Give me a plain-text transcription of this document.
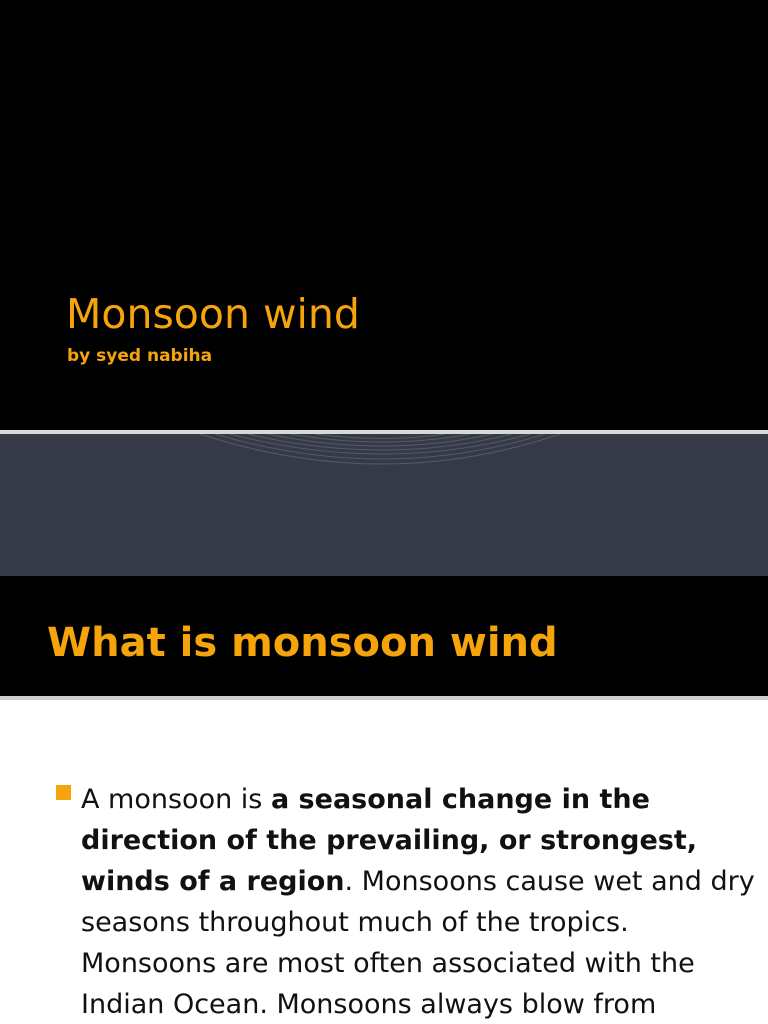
Monsoon wind
by syed nabiha
What is monsoon wind
A monsoon is a seasonal change in the direction of the prevailing, or strongest, winds of a region. Monsoons cause wet and dry seasons throughout much of the tropics. Monsoons are most often associated with the Indian Ocean. Monsoons always blow from
